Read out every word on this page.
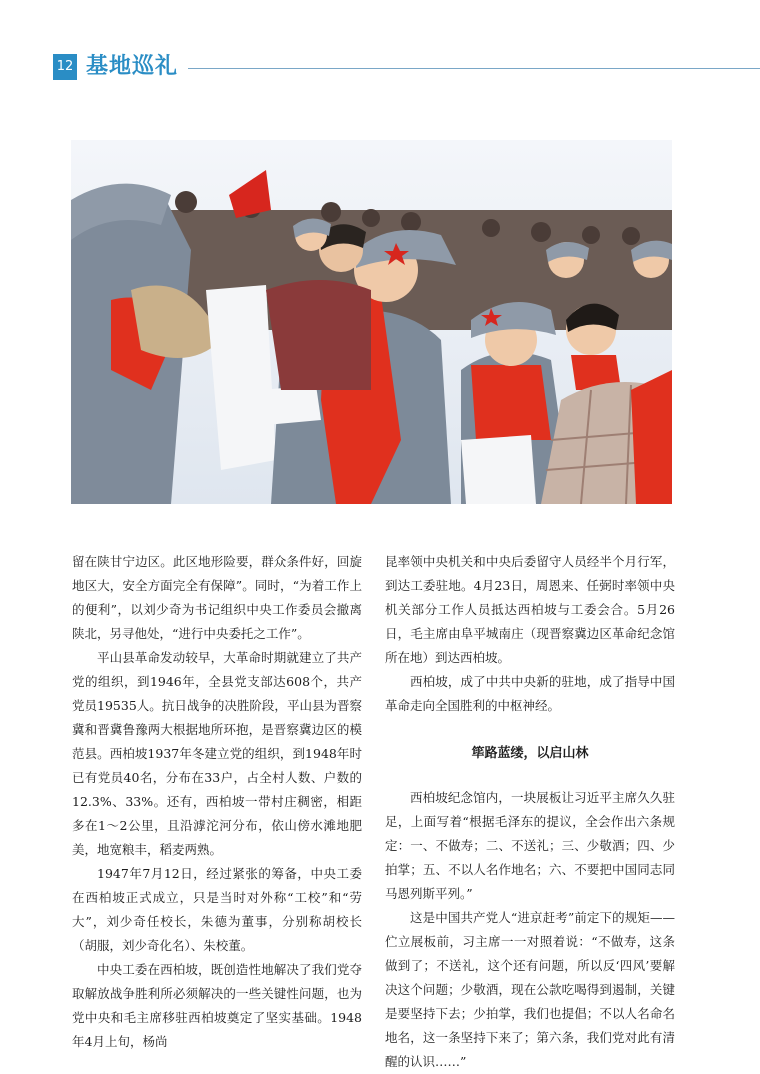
12 基地巡礼

留在陕甘宁边区。此区地形险要，群众条件好，回旋地区大，安全方面完全有保障”。同时，“为着工作上的便利”，以刘少奇为书记组织中央工作委员会撤离陕北，另寻他处，“进行中央委托之工作”。

平山县革命发动较早，大革命时期就建立了共产党的组织，到1946年，全县党支部达608个，共产党员19535人。抗日战争的决胜阶段，平山县为晋察冀和晋冀鲁豫两大根据地所环抱，是晋察冀边区的模范县。西柏坡1937年冬建立党的组织，到1948年时已有党员40名，分布在33户，占全村人数、户数的12.3%、33%。还有，西柏坡一带村庄稠密，相距多在1～2公里，且沿滹沱河分布，依山傍水滩地肥美，地宽粮丰，稻麦两熟。

1947年7月12日，经过紧张的筹备，中央工委在西柏坡正式成立，只是当时对外称“工校”和“劳大”，刘少奇任校长，朱德为董事，分别称胡校长（胡服，刘少奇化名）、朱校董。

中央工委在西柏坡，既创造性地解决了我们党夺取解放战争胜利所必须解决的一些关键性问题，也为党中央和毛主席移驻西柏坡奠定了坚实基础。1948年4月上旬，杨尚

昆率领中央机关和中央后委留守人员经半个月行军，到达工委驻地。4月23日，周恩来、任弼时率领中央机关部分工作人员抵达西柏坡与工委会合。5月26日，毛主席由阜平城南庄（现晋察冀边区革命纪念馆所在地）到达西柏坡。

西柏坡，成了中共中央新的驻地，成了指导中国革命走向全国胜利的中枢神经。

筚路蓝缕，以启山林

西柏坡纪念馆内，一块展板让习近平主席久久驻足，上面写着“根据毛泽东的提议，全会作出六条规定：一、不做寿；二、不送礼；三、少敬酒；四、少拍掌；五、不以人名作地名；六、不要把中国同志同马恩列斯平列。”

这是中国共产党人“进京赶考”前定下的规矩——伫立展板前，习主席一一对照着说：“不做寿，这条做到了；不送礼，这个还有问题，所以反‘四风’要解决这个问题；少敬酒，现在公款吃喝得到遏制，关键是要坚持下去；少拍掌，我们也提倡；不以人名命名地名，这一条坚持下来了；第六条，我们党对此有清醒的认识……”
